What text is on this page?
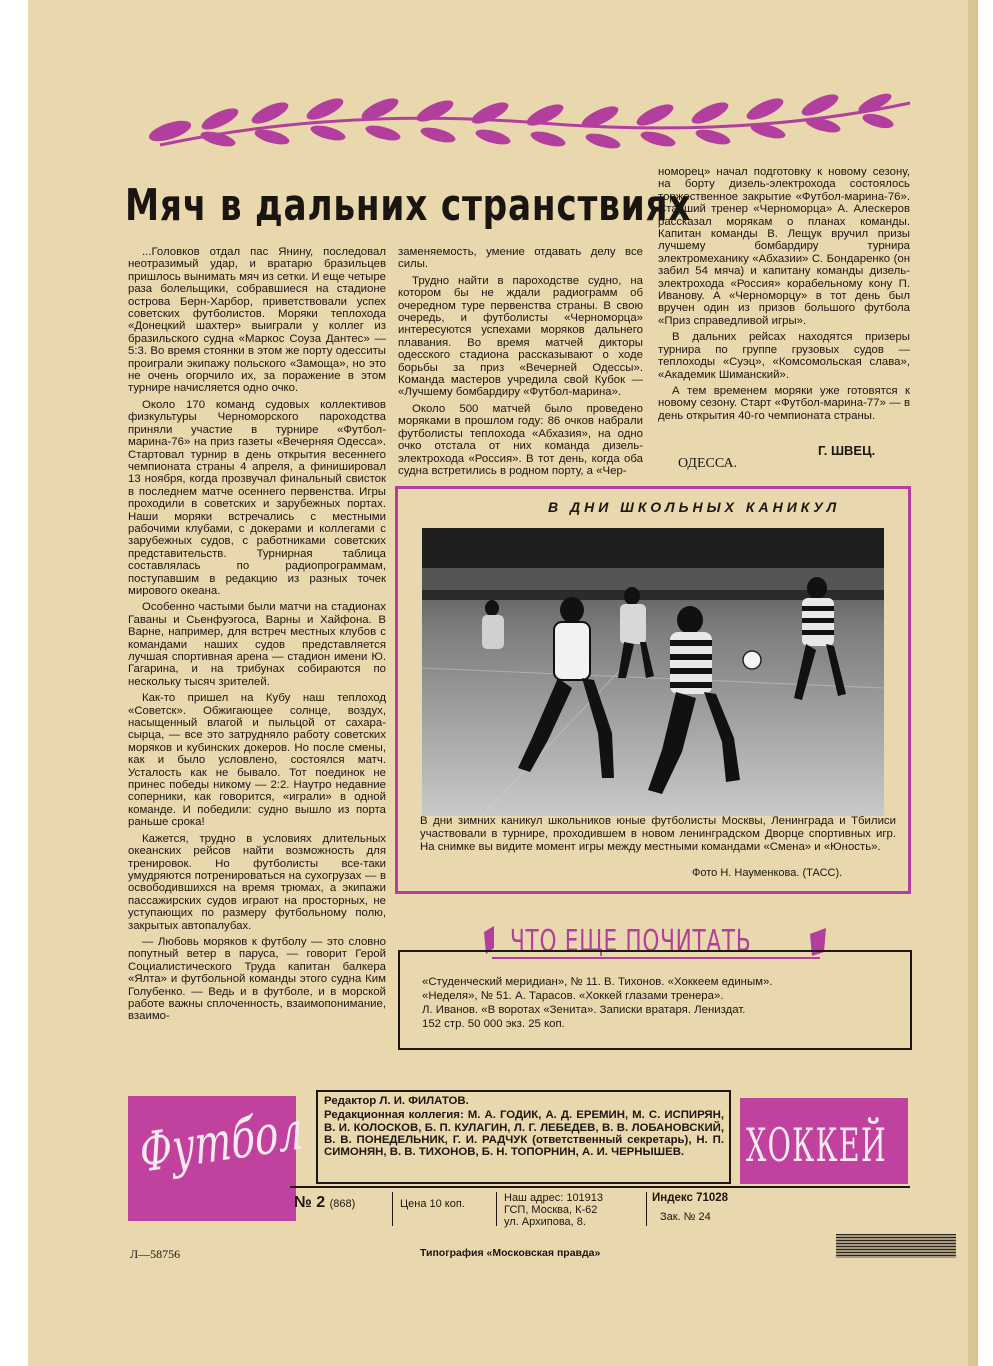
Мяч в дальних странствиях

...Головков отдал пас Янину, последовал неотразимый удар, и вратарю бразильцев пришлось вынимать мяч из сетки. И еще четыре раза болельщики, собравшиеся на стадионе острова Берн-Харбор, приветствовали успех советских футболистов. Моряки теплохода «Донецкий шахтер» выиграли у коллег из бразильского судна «Маркос Соуза Дантес» — 5:3. Во время стоянки в этом же порту одесситы проиграли экипажу польского «Замоща», но это не очень огорчило их, за поражение в этом турнире начисляется одно очко.

Около 170 команд судовых коллективов физкультуры Черноморского пароходства приняли участие в турнире «Футбол-марина-76» на приз газеты «Вечерняя Одесса». Стартовал турнир в день открытия весеннего чемпионата страны 4 апреля, а финишировал 13 ноября, когда прозвучал финальный свисток в последнем матче осеннего первенства. Игры проходили в советских и зарубежных портах. Наши моряки встречались с местными рабочими клубами, с докерами и коллегами с зарубежных судов, с работниками советских представительств. Турнирная таблица составлялась по радиопрограммам, поступавшим в редакцию из разных точек мирового океана.

Особенно частыми были матчи на стадионах Гаваны и Сьенфуэгоса, Варны и Хайфона. В Варне, например, для встреч местных клубов с командами наших судов представляется лучшая спортивная арена — стадион имени Ю. Гагарина, и на трибунах собираются по нескольку тысяч зрителей.

Как-то пришел на Кубу наш теплоход «Советск». Обжигающее солнце, воздух, насыщенный влагой и пыльцой от сахара-сырца, — все это затрудняло работу советских моряков и кубинских докеров. Но после смены, как и было условлено, состоялся матч. Усталость как не бывало. Тот поединок не принес победы никому — 2:2. Наутро недавние соперники, как говорится, «играли» в одной команде. И победили: судно вышло из порта раньше срока!

Кажется, трудно в условиях длительных океанских рейсов найти возможность для тренировок. Но футболисты все-таки умудряются потренироваться на сухогрузах — в освободившихся на время трюмах, а экипажи пассажирских судов играют на просторных, не уступающих по размеру футбольному полю, закрытых автопалубах.

— Любовь моряков к футболу — это словно попутный ветер в паруса, — говорит Герой Социалистического Труда капитан балкера «Ялта» и футбольной команды этого судна Ким Голубенко. — Ведь и в футболе, и в морской работе важны сплоченность, взаимопонимание, взаимо-

заменяемость, умение отдавать делу все силы.

Трудно найти в пароходстве судно, на котором бы не ждали радиограмм об очередном туре первенства страны. В свою очередь, и футболисты «Черноморца» интересуются успехами моряков дальнего плавания. Во время матчей дикторы одесского стадиона рассказывают о ходе борьбы за приз «Вечерней Одессы». Команда мастеров учредила свой Кубок — «Лучшему бомбардиру «Футбол-марина».

Около 500 матчей было проведено моряками в прошлом году: 86 очков набрали футболисты теплохода «Абхазия», на одно очко отстала от них команда дизель-электрохода «Россия». В тот день, когда оба судна встретились в родном порту, а «Чер-

номорец» начал подготовку к новому сезону, на борту дизель-электрохода состоялось торжественное закрытие «Футбол-марина-76». Старший тренер «Черноморца» А. Алескеров рассказал морякам о планах команды. Капитан команды В. Лещук вручил призы лучшему бомбардиру турнира электромеханику «Абхазии» С. Бондаренко (он забил 54 мяча) и капитану команды дизель-электрохода «Россия» корабельному кону П. Иванову. А «Черноморцу» в тот день был вручен один из призов большого футбола «Приз справедливой игры».

В дальних рейсах находятся призеры турнира по группе грузовых судов — теплоходы «Суэц», «Комсомольская слава», «Академик Шиманский».

А тем временем моряки уже готовятся к новому сезону. Старт «Футбол-марина-77» — в день открытия 40-го чемпионата страны.

Г. ШВЕЦ.
ОДЕССА.
В ДНИ ШКОЛЬНЫХ КАНИКУЛ
В дни зимних каникул школьников юные футболисты Москвы, Ленинграда и Тбилиси участвовали в турнире, проходившем в новом ленинградском Дворце спортивных игр. На снимке вы видите момент игры между местными командами «Смена» и «Юность».
Фото Н. Науменкова. (ТАСС).
ЧТО ЕЩЕ ПОЧИТАТЬ
«Студенческий меридиан», № 11. В. Тихонов. «Хоккеем единым».
«Неделя», № 51. А. Тарасов. «Хоккей глазами тренера».
Л. Иванов. «В воротах «Зенита». Записки вратаря. Лениздат.
152 стр. 50 000 экз. 25 коп.
Футбол	ХОККЕЙ
Редактор Л. И. ФИЛАТОВ.
Редакционная коллегия: М. А. ГОДИК, А. Д. ЕРЕМИН, М. С. ИСПИРЯН, В. И. КОЛОСКОВ, Б. П. КУЛАГИН, Л. Г. ЛЕБЕДЕВ, В. В. ЛОБАНОВСКИЙ, В. В. ПОНЕДЕЛЬНИК, Г. И. РАДЧУК (ответственный секретарь), Н. П. СИМОНЯН, В. В. ТИХОНОВ, Б. Н. ТОПОРНИН, А. И. ЧЕРНЫШЕВ.
№ 2 (868)	Цена 10 коп.	Наш адрес: 101913
ГСП, Москва, К-62
ул. Архипова, 8.
Индекс 71028
Зак. № 24
Л—58756	Типография «Московская правда»
